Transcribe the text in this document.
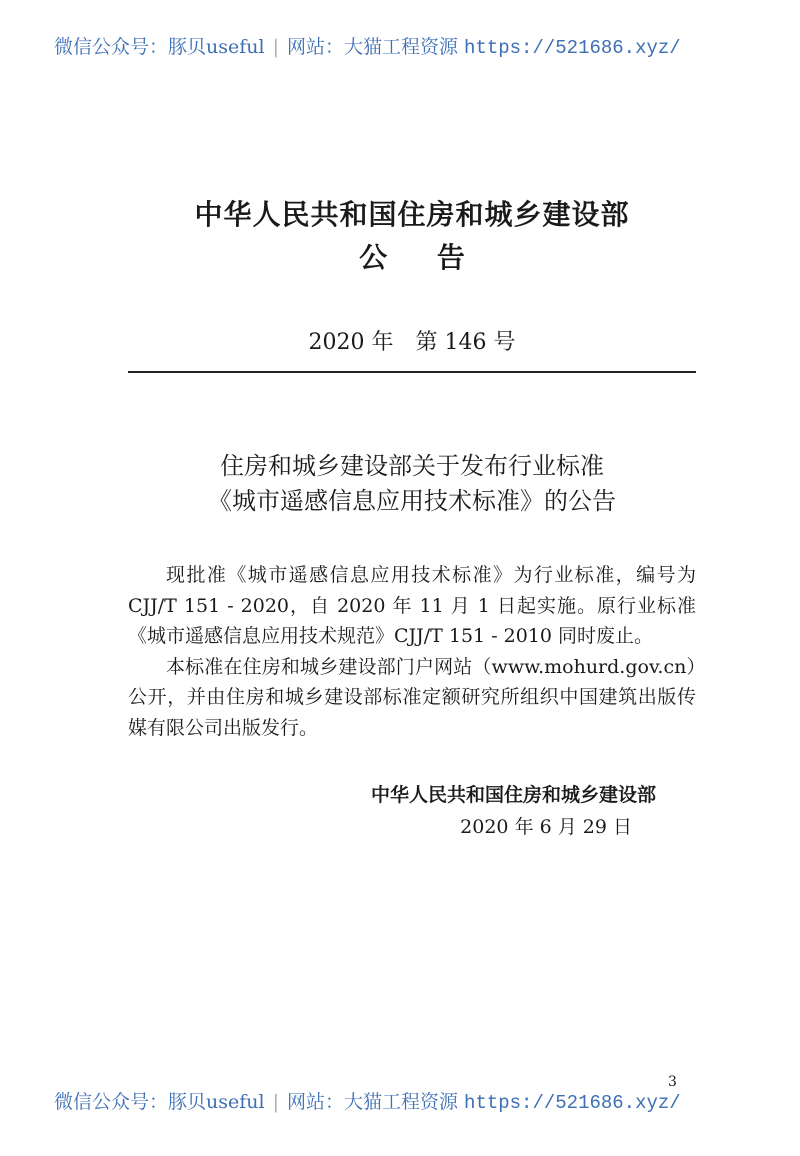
微信公众号：豚贝useful | 网站：大猫工程资源 https://521686.xyz/
中华人民共和国住房和城乡建设部
公 告
2020 年　第 146 号
住房和城乡建设部关于发布行业标准
《城市遥感信息应用技术标准》的公告

现批准《城市遥感信息应用技术标准》为行业标准，编号为 CJJ/T 151 - 2020，自 2020 年 11 月 1 日起实施。原行业标准《城市遥感信息应用技术规范》CJJ/T 151 - 2010 同时废止。

本标准在住房和城乡建设部门户网站（www.mohurd.gov.cn）公开，并由住房和城乡建设部标准定额研究所组织中国建筑出版传媒有限公司出版发行。

中华人民共和国住房和城乡建设部
2020 年 6 月 29 日
3
微信公众号：豚贝useful | 网站：大猫工程资源 https://521686.xyz/
